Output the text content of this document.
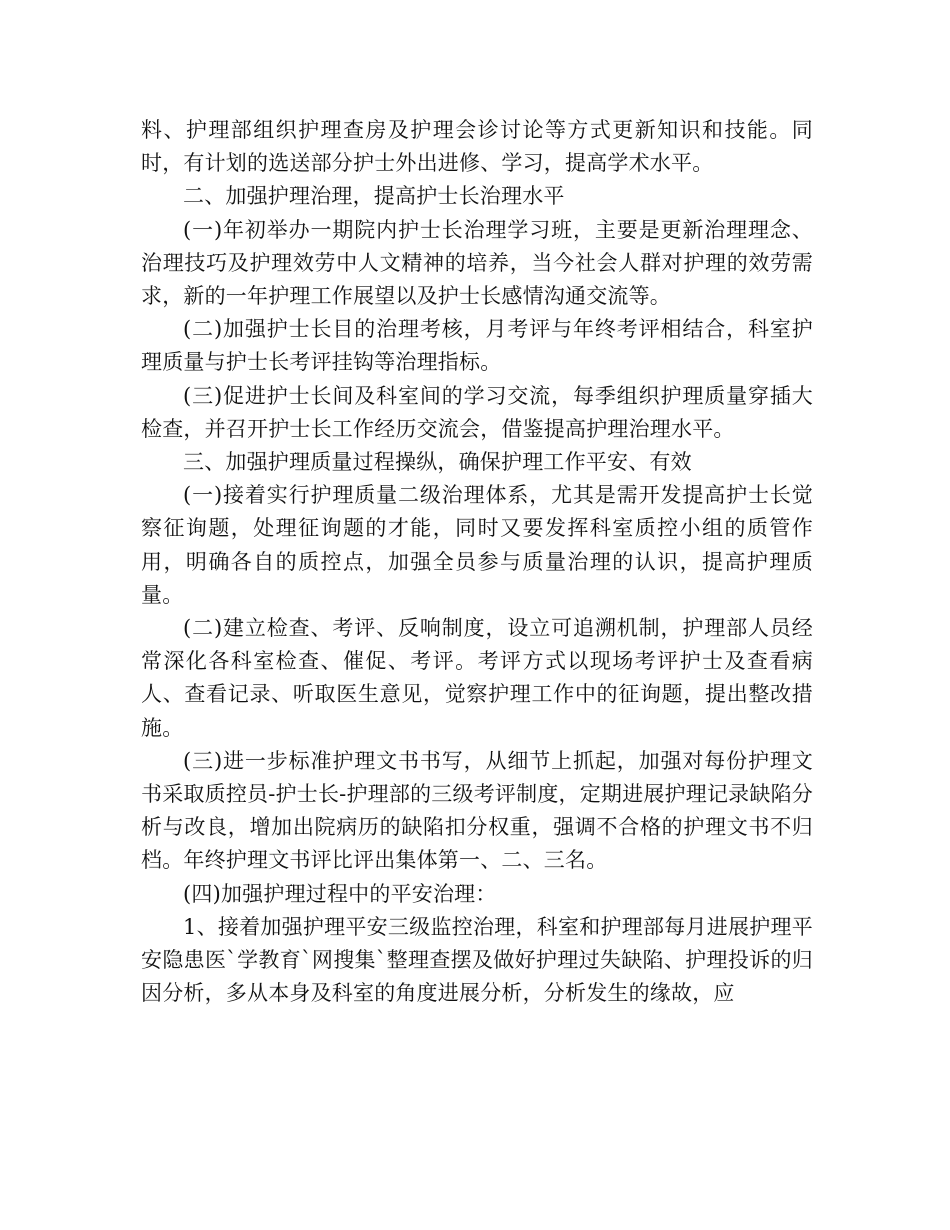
料、护理部组织护理查房及护理会诊讨论等方式更新知识和技能。同时，有计划的选送部分护士外出进修、学习，提高学术水平。

二、加强护理治理，提高护士长治理水平

(一)年初举办一期院内护士长治理学习班，主要是更新治理理念、治理技巧及护理效劳中人文精神的培养，当今社会人群对护理的效劳需求，新的一年护理工作展望以及护士长感情沟通交流等。

(二)加强护士长目的治理考核，月考评与年终考评相结合，科室护理质量与护士长考评挂钩等治理指标。

(三)促进护士长间及科室间的学习交流，每季组织护理质量穿插大检查，并召开护士长工作经历交流会，借鉴提高护理治理水平。

三、加强护理质量过程操纵，确保护理工作平安、有效

(一)接着实行护理质量二级治理体系，尤其是需开发提高护士长觉察征询题，处理征询题的才能，同时又要发挥科室质控小组的质管作用，明确各自的质控点，加强全员参与质量治理的认识，提高护理质量。

(二)建立检查、考评、反响制度，设立可追溯机制，护理部人员经常深化各科室检查、催促、考评。考评方式以现场考评护士及查看病人、查看记录、听取医生意见，觉察护理工作中的征询题，提出整改措施。

(三)进一步标准护理文书书写，从细节上抓起，加强对每份护理文书采取质控员-护士长-护理部的三级考评制度，定期进展护理记录缺陷分析与改良，增加出院病历的缺陷扣分权重，强调不合格的护理文书不归档。年终护理文书评比评出集体第一、二、三名。

(四)加强护理过程中的平安治理：

1、接着加强护理平安三级监控治理，科室和护理部每月进展护理平安隐患医`学教育`网搜集`整理查摆及做好护理过失缺陷、护理投诉的归因分析，多从本身及科室的角度进展分析，分析发生的缘故，应
